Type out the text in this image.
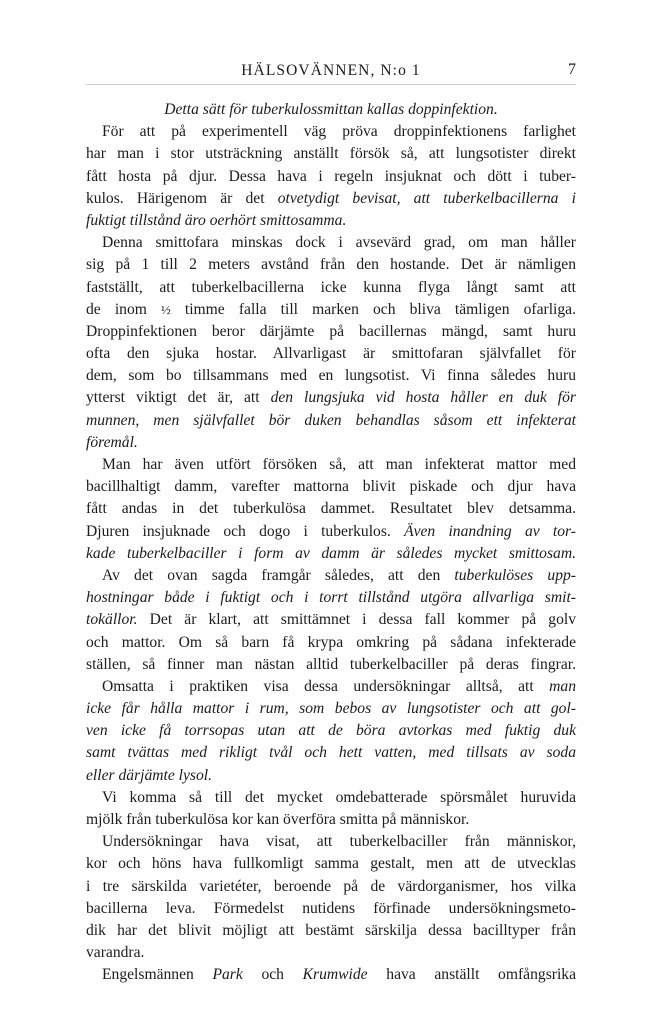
HÄLSOVÄNNEN, N:o 1	7
Detta sätt för tuberkulossmittan kallas doppinfektion.
För att på experimentell väg pröva droppinfektionens farlighet
har man i stor utsträckning anställt försök så, att lungsotister direkt
fått hosta på djur. Dessa hava i regeln insjuknat och dött i tuber-
kulos. Härigenom är det otvetydigt bevisat, att tuberkelbacillerna i
fuktigt tillstånd äro oerhört smittosamma.
Denna smittofara minskas dock i avsevärd grad, om man håller
sig på 1 till 2 meters avstånd från den hostande. Det är nämligen
fastställt, att tuberkelbacillerna icke kunna flyga långt samt att
de inom ½ timme falla till marken och bliva tämligen ofarliga.
Droppinfektionen beror därjämte på bacillernas mängd, samt huru
ofta den sjuka hostar. Allvarligast är smittofaran självfallet för
dem, som bo tillsammans med en lungsotist. Vi finna således huru
ytterst viktigt det är, att den lungsjuka vid hosta håller en duk för
munnen, men självfallet bör duken behandlas såsom ett infekterat
föremål.
Man har även utfört försöken så, att man infekterat mattor med
bacillhaltigt damm, varefter mattorna blivit piskade och djur hava
fått andas in det tuberkulösa dammet. Resultatet blev detsamma.
Djuren insjuknade och dogo i tuberkulos. Även inandning av tor-
kade tuberkelbaciller i form av damm är således mycket smittosam.
Av det ovan sagda framgår således, att den tuberkulöses upp-
hostningar både i fuktigt och i torrt tillstånd utgöra allvarliga smit-
tokällor. Det är klart, att smittämnet i dessa fall kommer på golv
och mattor. Om så barn få krypa omkring på sådana infekterade
ställen, så finner man nästan alltid tuberkelbaciller på deras fingrar.
Omsatta i praktiken visa dessa undersökningar alltså, att man
icke får hålla mattor i rum, som bebos av lungsotister och att gol-
ven icke få torrsopas utan att de böra avtorkas med fuktig duk
samt tvättas med rikligt tvål och hett vatten, med tillsats av soda
eller därjämte lysol.
Vi komma så till det mycket omdebatterade spörsmålet huruvida
mjölk från tuberkulösa kor kan överföra smitta på människor.
Undersökningar hava visat, att tuberkelbaciller från människor,
kor och höns hava fullkomligt samma gestalt, men att de utvecklas
i tre särskilda varietéter, beroende på de värdorganismer, hos vilka
bacillerna leva. Förmedelst nutidens förfinade undersökningsmeto-
dik har det blivit möjligt att bestämt särskilja dessa bacilltyper från
varandra.
Engelsmännen Park och Krumwide hava anställt omfångsrika
